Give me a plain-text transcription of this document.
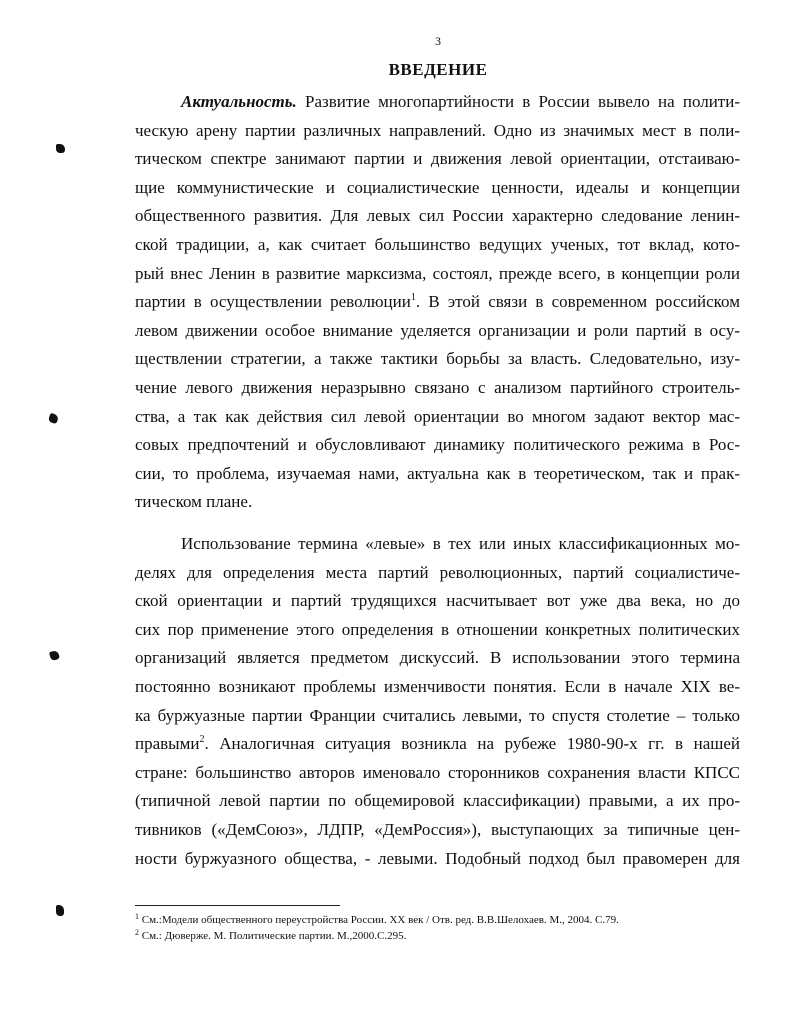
3
ВВЕДЕНИЕ
Актуальность. Развитие многопартийности в России вывело на полити-
ческую арену партии различных направлений. Одно из значимых мест в поли-
тическом спектре занимают партии и движения левой ориентации, отстаиваю-
щие коммунистические и социалистические ценности, идеалы и концепции
общественного развития. Для левых сил России характерно следование ленин-
ской традиции, а, как считает большинство ведущих ученых, тот вклад, кото-
рый внес Ленин в развитие марксизма, состоял, прежде всего, в концепции роли
партии в осуществлении революции$^1$. В этой связи в современном российском
левом движении особое внимание уделяется организации и роли партий в осу-
ществлении стратегии, а также тактики борьбы за власть. Следовательно, изу-
чение левого движения неразрывно связано с анализом партийного строитель-
ства, а так как действия сил левой ориентации во многом задают вектор мас-
совых предпочтений и обусловливают динамику политического режима в Рос-
сии, то проблема, изучаемая нами, актуальна как в теоретическом, так и прак-
тическом плане.
Использование термина «левые» в тех или иных классификационных мо-
делях для определения места партий революционных, партий социалистиче-
ской ориентации и партий трудящихся насчитывает вот уже два века, но до
сих пор применение этого определения в отношении конкретных политических
организаций является предметом дискуссий. В использовании этого термина
постоянно возникают проблемы изменчивости понятия. Если в начале XIX ве-
ка буржуазные партии Франции считались левыми, то спустя столетие – только
правыми$^2$. Аналогичная ситуация возникла на рубеже 1980-90-х гг. в нашей
стране: большинство авторов именовало сторонников сохранения власти КПСС
(типичной левой партии по общемировой классификации) правыми, а их про-
тивников («ДемСоюз», ЛДПР, «ДемРоссия»), выступающих за типичные цен-
ности буржуазного общества, - левыми. Подобный подход был правомерен для
$^1$ См.:Модели общественного переустройства России. XX век / Отв. ред. В.В.Шелохаев. М., 2004. С.79.
$^2$ См.: Дюверже. М. Политические партии. М.,2000.С.295.
